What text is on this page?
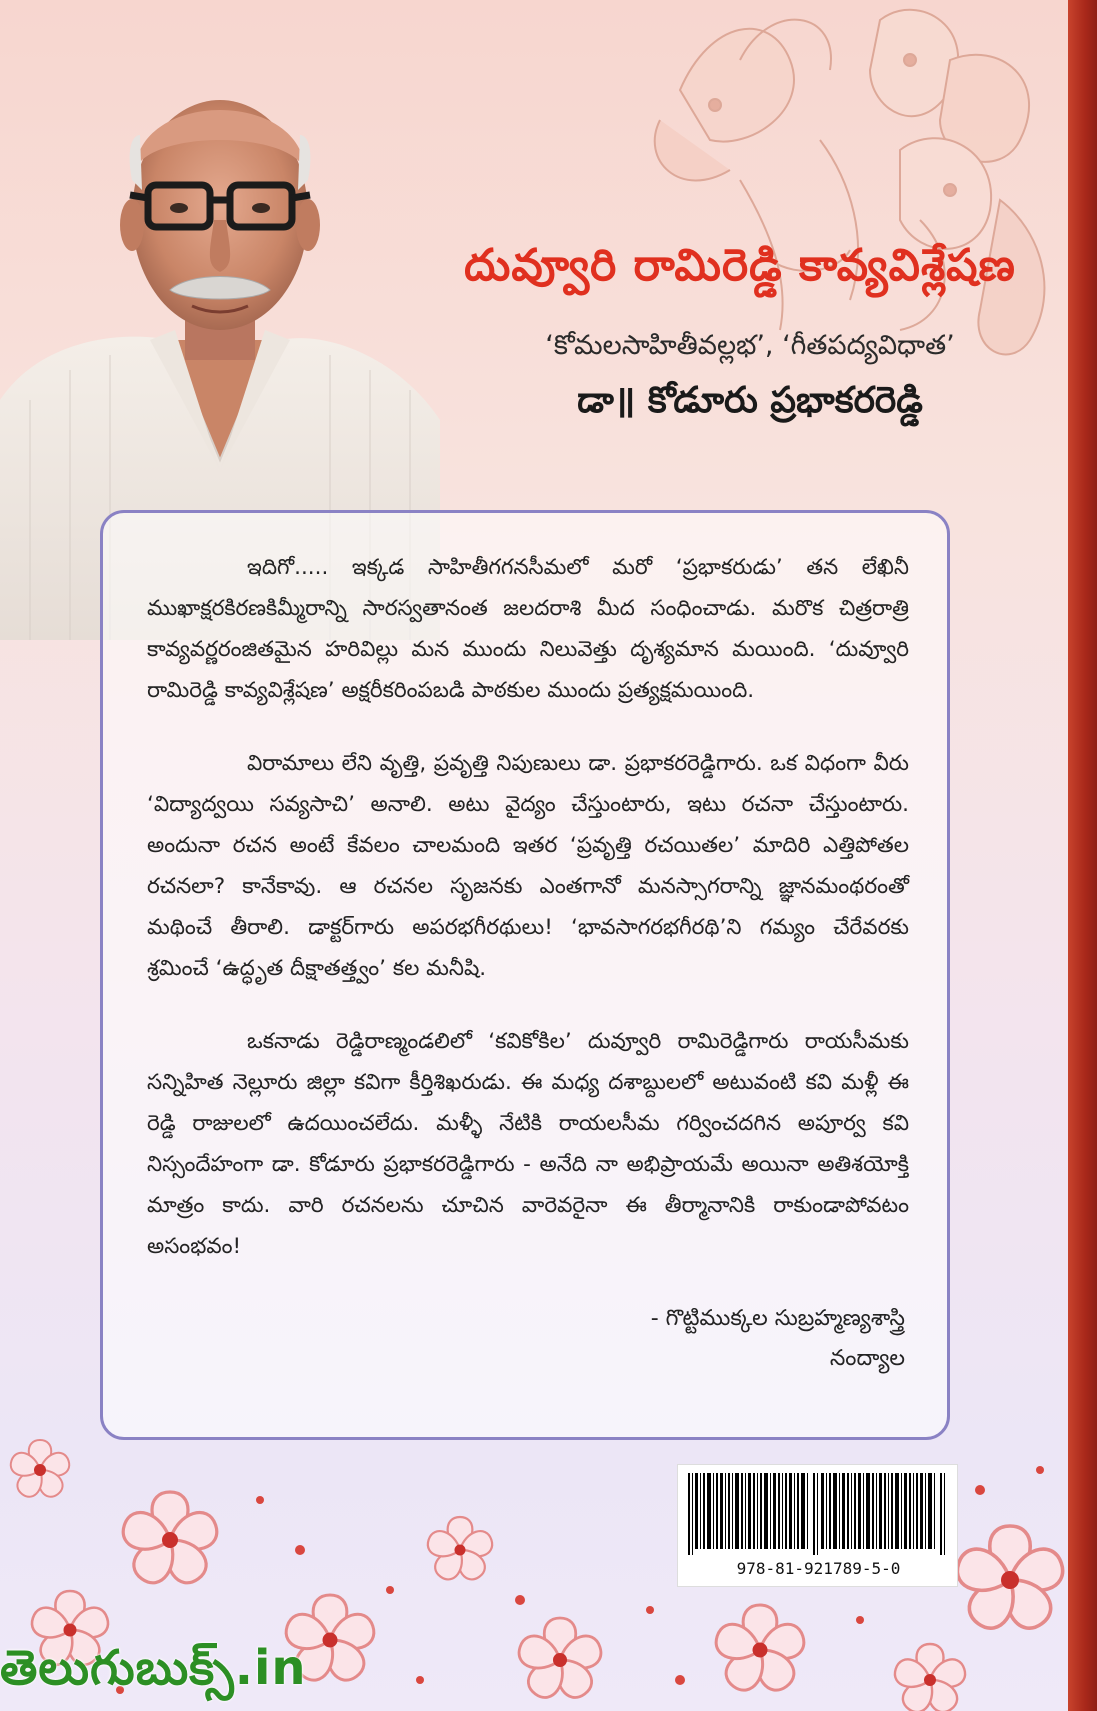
దువ్వూరి రామిరెడ్డి కావ్యవిశ్లేషణ
‘కోమలసాహితీవల్లభ’, ‘గీతపద్యవిధాత’
డా॥ కోడూరు ప్రభాకరరెడ్డి

ఇదిగో..... ఇక్కడ సాహితీగగనసీమలో మరో ‘ప్రభాకరుడు’ తన లేఖినీ ముఖాక్షరకిరణకిమ్మీరాన్ని సారస్వతానంత జలదరాశి మీద సంధించాడు. మరొక చిత్రరాత్రి కావ్యవర్ణరంజితమైన హరివిల్లు మన ముందు నిలువెత్తు దృశ్యమాన మయింది. ‘దువ్వూరి రామిరెడ్డి కావ్యవిశ్లేషణ’ అక్షరీకరింపబడి పాఠకుల ముందు ప్రత్యక్షమయింది.

విరామాలు లేని వృత్తి, ప్రవృత్తి నిపుణులు డా. ప్రభాకరరెడ్డిగారు. ఒక విధంగా వీరు ‘విద్యాద్వయి సవ్యసాచి’ అనాలి. అటు వైద్యం చేస్తుంటారు, ఇటు రచనా చేస్తుంటారు. అందునా రచన అంటే కేవలం చాలమంది ఇతర ‘ప్రవృత్తి రచయితల’ మాదిరి ఎత్తిపోతల రచనలా? కానేకావు. ఆ రచనల సృజనకు ఎంతగానో మనస్సాగరాన్ని జ్ఞానమంథరంతో మథించే తీరాలి. డాక్టర్‌గారు అపరభగీరథులు! ‘భావసాగరభగీరథి’ని గమ్యం చేరేవరకు శ్రమించే ‘ఉద్ధృత దీక్షాతత్త్వం’ కల మనీషి.

ఒకనాడు రెడ్డిరాణ్మండలిలో ‘కవికోకిల’ దువ్వూరి రామిరెడ్డిగారు రాయసీమకు సన్నిహిత నెల్లూరు జిల్లా కవిగా కీర్తిశిఖరుడు. ఈ మధ్య దశాబ్దులలో అటువంటి కవి మళ్లీ ఈ రెడ్డి రాజులలో ఉదయించలేదు. మళ్ళీ నేటికి రాయలసీమ గర్వించదగిన అపూర్వ కవి నిస్సందేహంగా డా. కోడూరు ప్రభాకరరెడ్డిగారు - అనేది నా అభిప్రాయమే అయినా అతిశయోక్తి మాత్రం కాదు. వారి రచనలను చూచిన వారెవరైనా ఈ తీర్మానానికి రాకుండాపోవటం అసంభవం!

- గొట్టిముక్కల సుబ్రహ్మణ్యశాస్త్రి
నంద్యాల
978-81-921789-5-0
తెలుగుబుక్స్.in
